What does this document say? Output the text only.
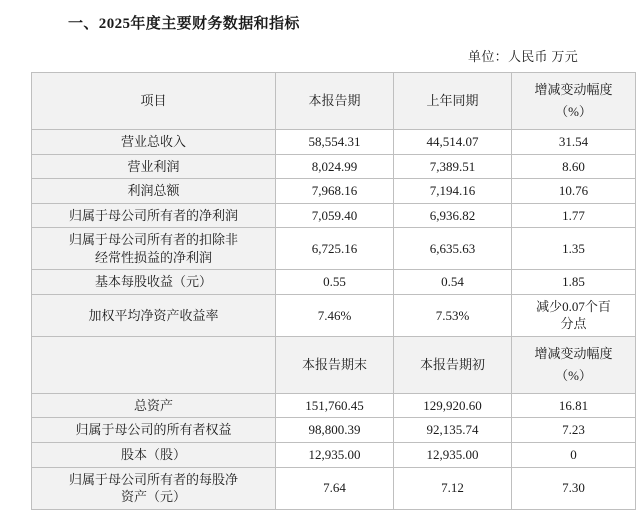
一、2025年度主要财务数据和指标
单位：人民币 万元
项目	本报告期	上年同期	增减变动幅度
（%）

营业总收入	58,554.31	44,514.07	31.54
营业利润	8,024.99	7,389.51	8.60
利润总额	7,968.16	7,194.16	10.76
归属于母公司所有者的净利润	7,059.40	6,936.82	1.77

归属于母公司所有者的扣除非
经常性损益的净利润	6,725.16	6,635.63	1.35
基本每股收益（元）	0.55	0.54	1.85
加权平均净资产收益率	7.46%	7.53%	减少0.07个百
分点

	本报告期末	本报告期初	增减变动幅度
（%）

总资产	151,760.45	129,920.60	16.81
归属于母公司的所有者权益	98,800.39	92,135.74	7.23
股本（股）	12,935.00	12,935.00	0

归属于母公司所有者的每股净
资产（元）	7.64	7.12	7.30
